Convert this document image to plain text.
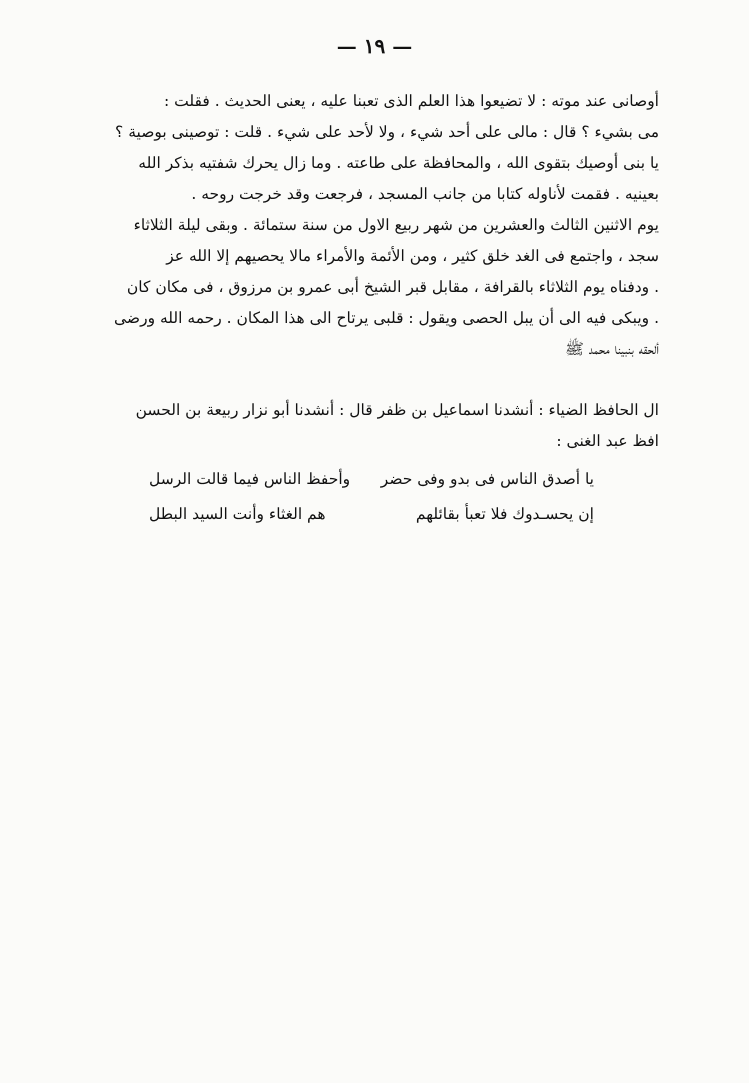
— ١٩ —
أوصانى عند موته : لا تضيعوا هذا العلم الذى تعبنا عليه ، يعنى الحديث . فقلت :
مى بشيء ؟ قال : مالى على أحد شيء ، ولا لأحد على شيء . قلت : توصينى بوصية ؟
يا بنى أوصيك بتقوى الله ، والمحافظة على طاعته . وما زال يحرك شفتيه بذكر الله
بعينيه . فقمت لأناوله كتابا من جانب المسجد ، فرجعت وقد خرجت روحه .
يوم الاثنين الثالث والعشرين من شهر ربيع الاول من سنة ستمائة . وبقى ليلة الثلاثاء
سجد ، واجتمع فى الغد خلق كثير ، ومن الأئمة والأمراء مالا يحصيهم إلا الله عز
. ودفناه يوم الثلاثاء بالقرافة ، مقابل قبر الشيخ أبى عمرو بن مرزوق ، فى مكان كان
. ويبكى فيه الى أن يبل الحصى ويقول : قلبى يرتاح الى هذا المكان . رحمه الله ورضى
ألحقه بنبينا محمد ﷺ
ال الحافظ الضياء : أنشدنا اسماعيل بن ظفر قال : أنشدنا أبو نزار ربيعة بن الحسن
افظ عبد الغنى :
يا أصدق الناس فى بدو وفى حضر
وأحفظ الناس فيما قالت الرسل
إن يحسـدوك فلا تعبأ بقائلهم
هم الغثاء وأنت السيد البطل
